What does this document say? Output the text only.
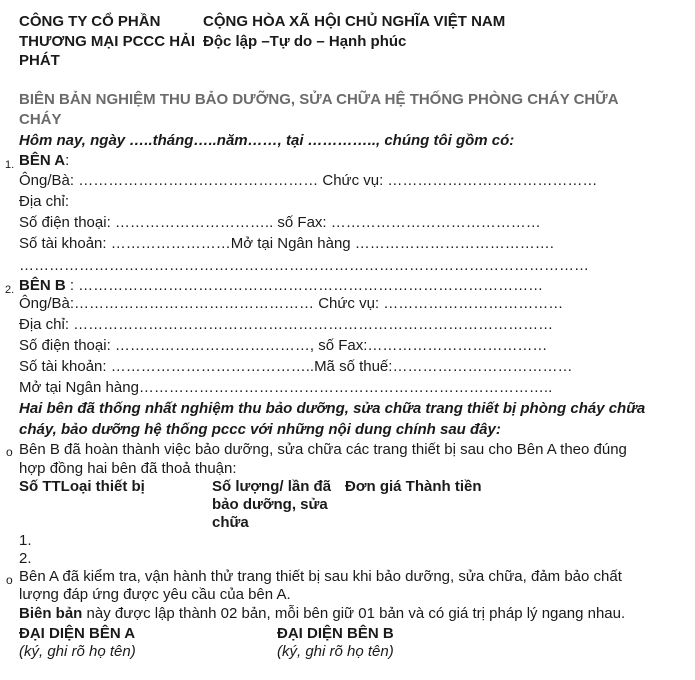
CÔNG TY CỔ PHẦN
THƯƠNG MẠI PCCC HẢI
PHÁT
CỘNG HÒA XÃ HỘI CHỦ NGHĨA VIỆT NAM
Độc lập –Tự do – Hạnh phúc
BIÊN BẢN NGHIỆM THU BẢO DƯỠNG, SỬA CHỮA HỆ THỐNG PHÒNG CHÁY CHỮA
CHÁY
Hôm nay, ngày …..tháng…..năm……, tại ………….., chúng tôi gồm có:
1. BÊN A:
Ông/Bà: ………………………………………… Chức vụ: ……………………………………
Địa chỉ:
Số điện thoại: ………………………….. số Fax: ……………………………………
Số tài khoản: ……………………Mở tại Ngân hàng ………………………………….
……………………………………………………………………………………………………
2. BÊN B : …………………………………………………………………………………
Ông/Bà:………………………………………… Chức vụ: ………………………………
Địa chỉ: ……………………………………………………………………………………
Số điện thoại: …………………………………, số Fax:………………………………
Số tài khoản: …………………………………..Mã số thuế:………………………………
Mở tại Ngân hàng………………………………………………………………………..
Hai bên đã thống nhất nghiệm thu bảo dưỡng, sửa chữa trang thiết bị phòng cháy chữa
cháy, bảo dưỡng hệ thống pccc với những nội dung chính sau đây:
o Bên B đã hoàn thành việc bảo dưỡng, sửa chữa các trang thiết bị sau cho Bên A theo đúng
hợp đồng hai bên đã thoả thuận:
Số TTLoại thiết bị	Số lượng/ lần đã
bảo dưỡng, sửa
chữa
Đơn giá Thành tiền
1.
2.
o Bên A đã kiểm tra, vận hành thử trang thiết bị sau khi bảo dưỡng, sửa chữa, đảm bảo chất
lượng đáp ứng được yêu cầu của bên A.
Biên bản này được lập thành 02 bản, mỗi bên giữ 01 bản và có giá trị pháp lý ngang nhau.
ĐẠI DIỆN BÊN A
(ký, ghi rõ họ tên)
ĐẠI DIỆN BÊN B
(ký, ghi rõ họ tên)
